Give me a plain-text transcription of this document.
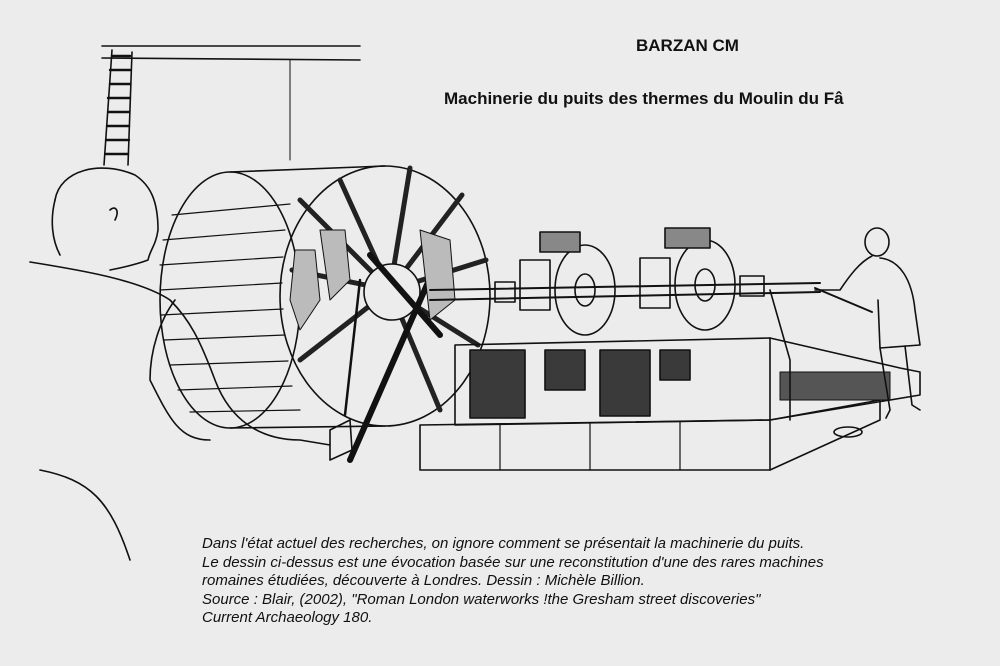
BARZAN CM
Machinerie du puits des thermes du Moulin du Fâ
Dans l'état actuel des recherches, on ignore comment se présentait la machinerie du puits.
Le dessin ci-dessus est une évocation basée sur une reconstitution d'une des rares machines
romaines étudiées, découverte à Londres. Dessin : Michèle Billion.
Source : Blair, (2002), "Roman London waterworks !the Gresham street discoveries"
Current Archaeology 180.
